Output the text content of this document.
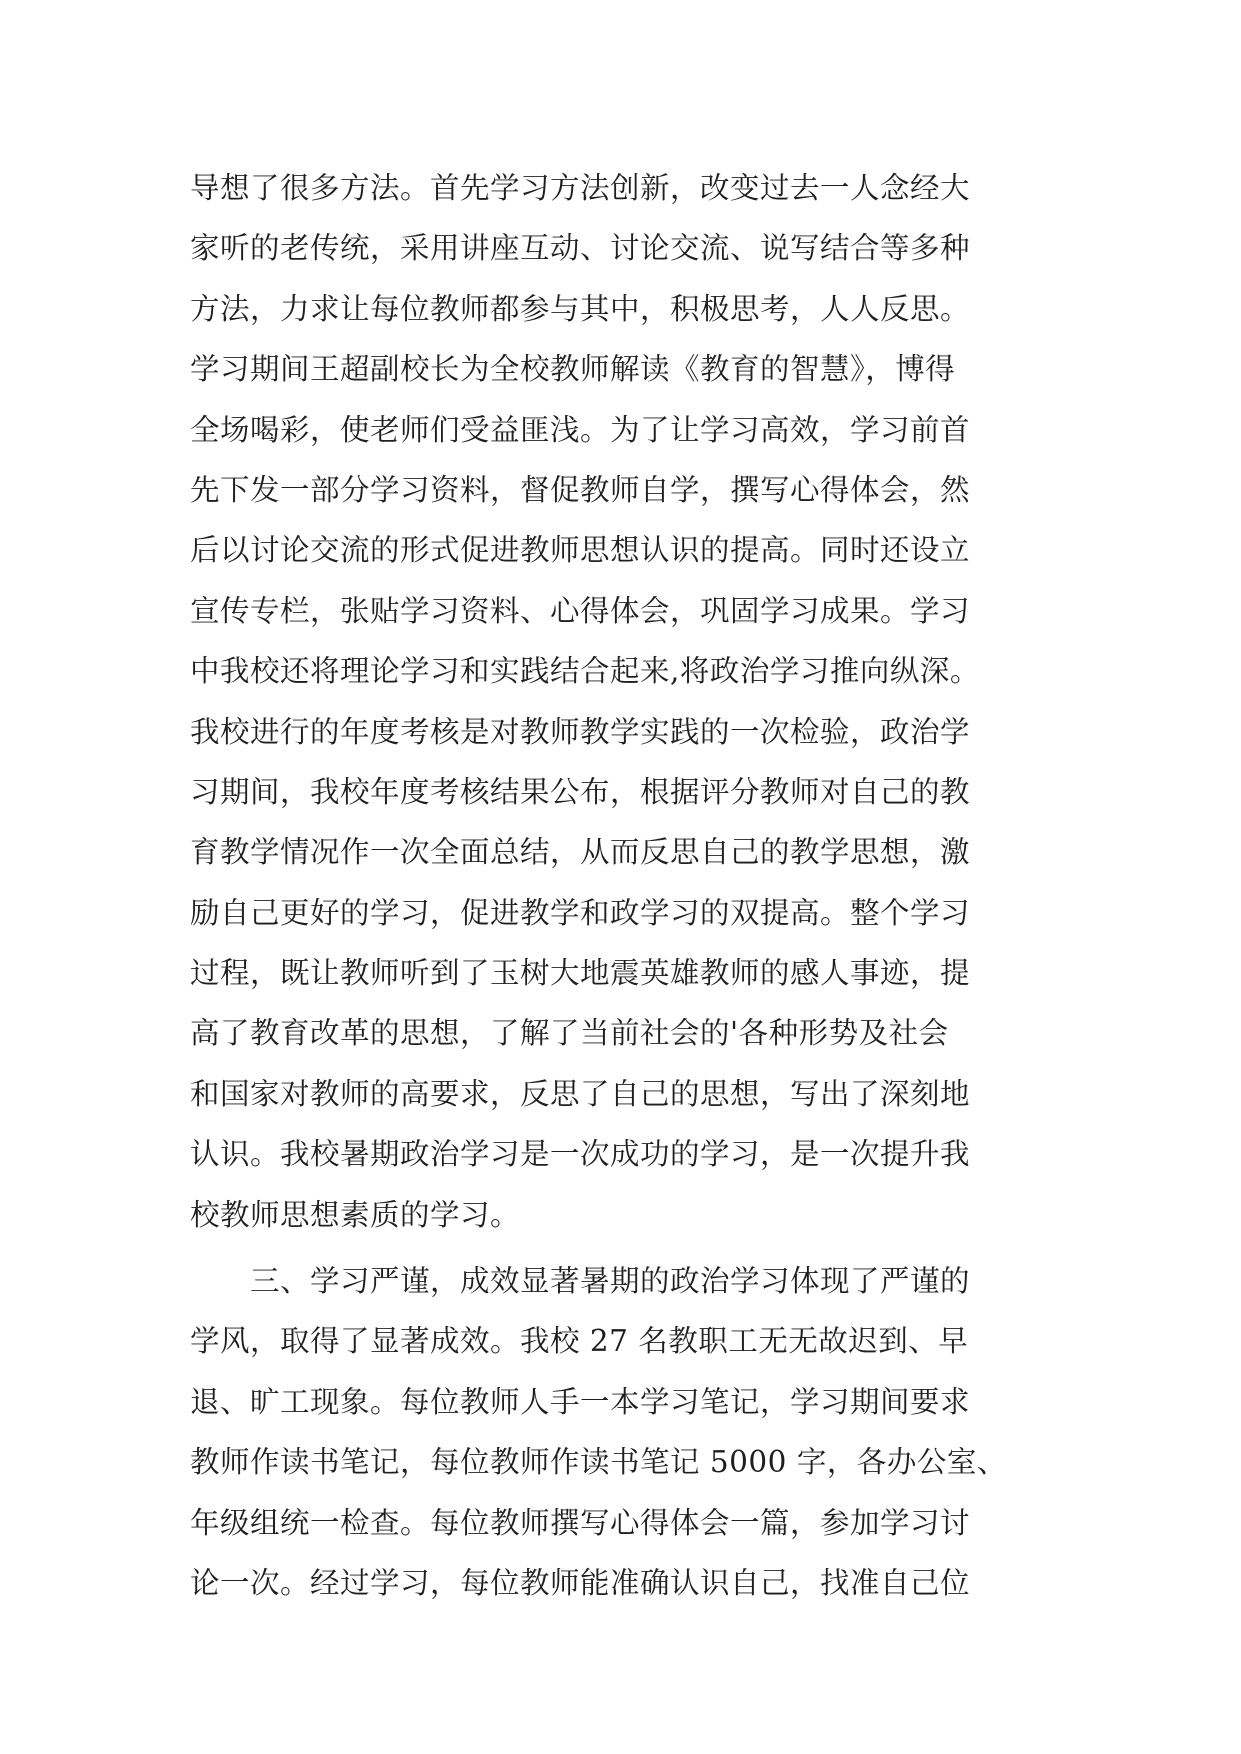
导想了很多方法。首先学习方法创新，改变过去一人念经大
家听的老传统，采用讲座互动、讨论交流、说写结合等多种
方法，力求让每位教师都参与其中，积极思考，人人反思。
学习期间王超副校长为全校教师解读《教育的智慧》，博得
全场喝彩，使老师们受益匪浅。为了让学习高效，学习前首
先下发一部分学习资料，督促教师自学，撰写心得体会，然
后以讨论交流的形式促进教师思想认识的提高。同时还设立
宣传专栏，张贴学习资料、心得体会，巩固学习成果。学习
中我校还将理论学习和实践结合起来,将政治学习推向纵深。
我校进行的年度考核是对教师教学实践的一次检验，政治学
习期间，我校年度考核结果公布，根据评分教师对自己的教
育教学情况作一次全面总结，从而反思自己的教学思想，激
励自己更好的学习，促进教学和政学习的双提高。整个学习
过程，既让教师听到了玉树大地震英雄教师的感人事迹，提
高了教育改革的思想，了解了当前社会的'各种形势及社会
和国家对教师的高要求，反思了自己的思想，写出了深刻地
认识。我校暑期政治学习是一次成功的学习，是一次提升我
校教师思想素质的学习。
三、学习严谨，成效显著暑期的政治学习体现了严谨的
学风，取得了显著成效。我校 27 名教职工无无故迟到、早
退、旷工现象。每位教师人手一本学习笔记，学习期间要求
教师作读书笔记，每位教师作读书笔记 5000 字，各办公室、
年级组统一检查。每位教师撰写心得体会一篇，参加学习讨
论一次。经过学习，每位教师能准确认识自己，找准自己位
